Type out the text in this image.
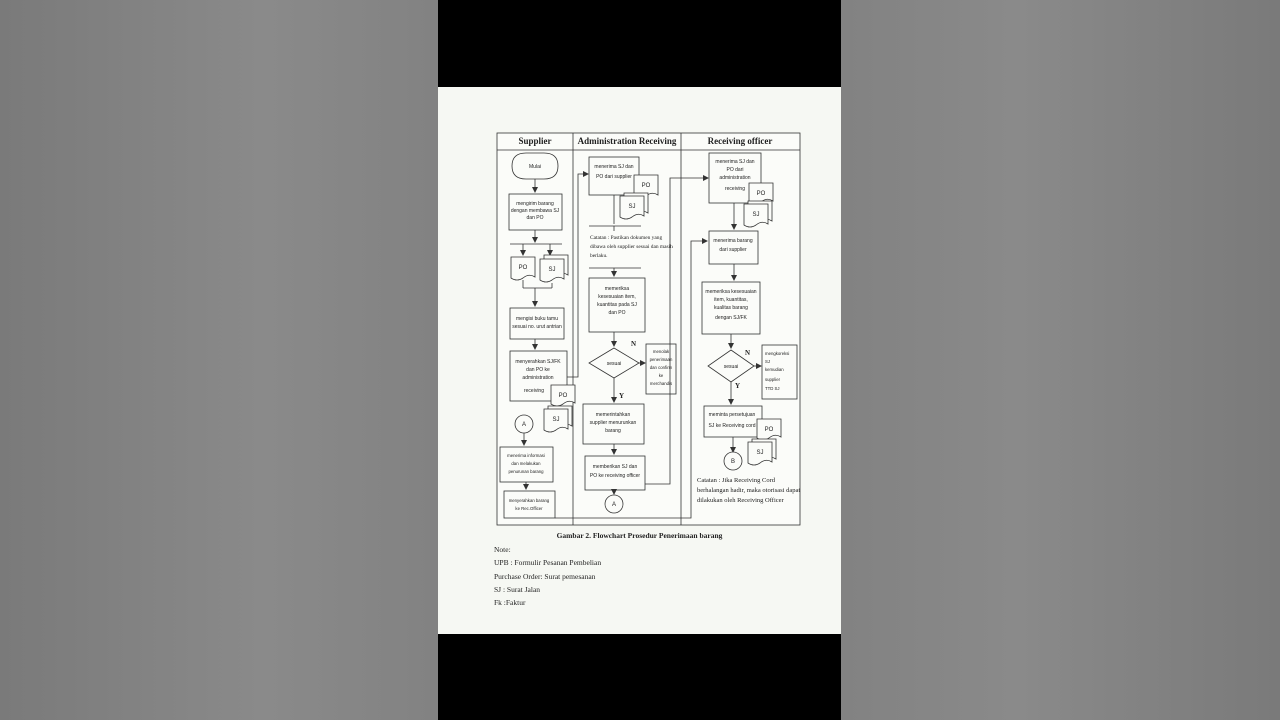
Supplier	Administration Receiving	Receiving officer
Mulai
mengirim barang
dengan membawa SJ
dan PO
PO	SJ
mengisi buku tamu
sesuai no. urut antrian
menyerahkan SJ/FK
dan PO ke
administration
receiving
PO
SJ
A
menerima informasi
dan melakukan
penurunan barang
menyerahkan barang
ke Rec.Officer
menerima SJ dan
PO dari supplier
PO
SJ
Catatan : Pastikan dokumen yang
dibawa oleh supplier sesuai dan masih
berlaku.
memeriksa
kesesuaian item,
kuantitas pada SJ
dan PO
sesuai
N
menolak
penerimaan
dan confirm
ke
merchandis
Y
memerintahkan
supplier menurunkan
barang
memberikan SJ dan
PO ke receiving officer
A
menerima SJ dan
PO dari
administration
receiving
PO
SJ
menerima barang
dari supplier
memeriksa kesesuaian
item, kuantitas,
kualitas barang
dengan SJ/FK
sesuai
N	mengkoreksi
SJ
kemudian
supplier
TTD SJ
Y
meminta persetujuan
SJ ke Receiving cord
PO
SJ
B
Catatan : Jika Receiving Cord
berhalangan hadir, maka otorisasi dapat
dilakukan oleh Receiving Officer
Gambar 2. Flowchart Prosedur Penerimaan barang
Note:
UPB : Formulir Pesanan Pembelian
Purchase Order: Surat pemesanan
SJ : Surat Jalan
Fk :Faktur
